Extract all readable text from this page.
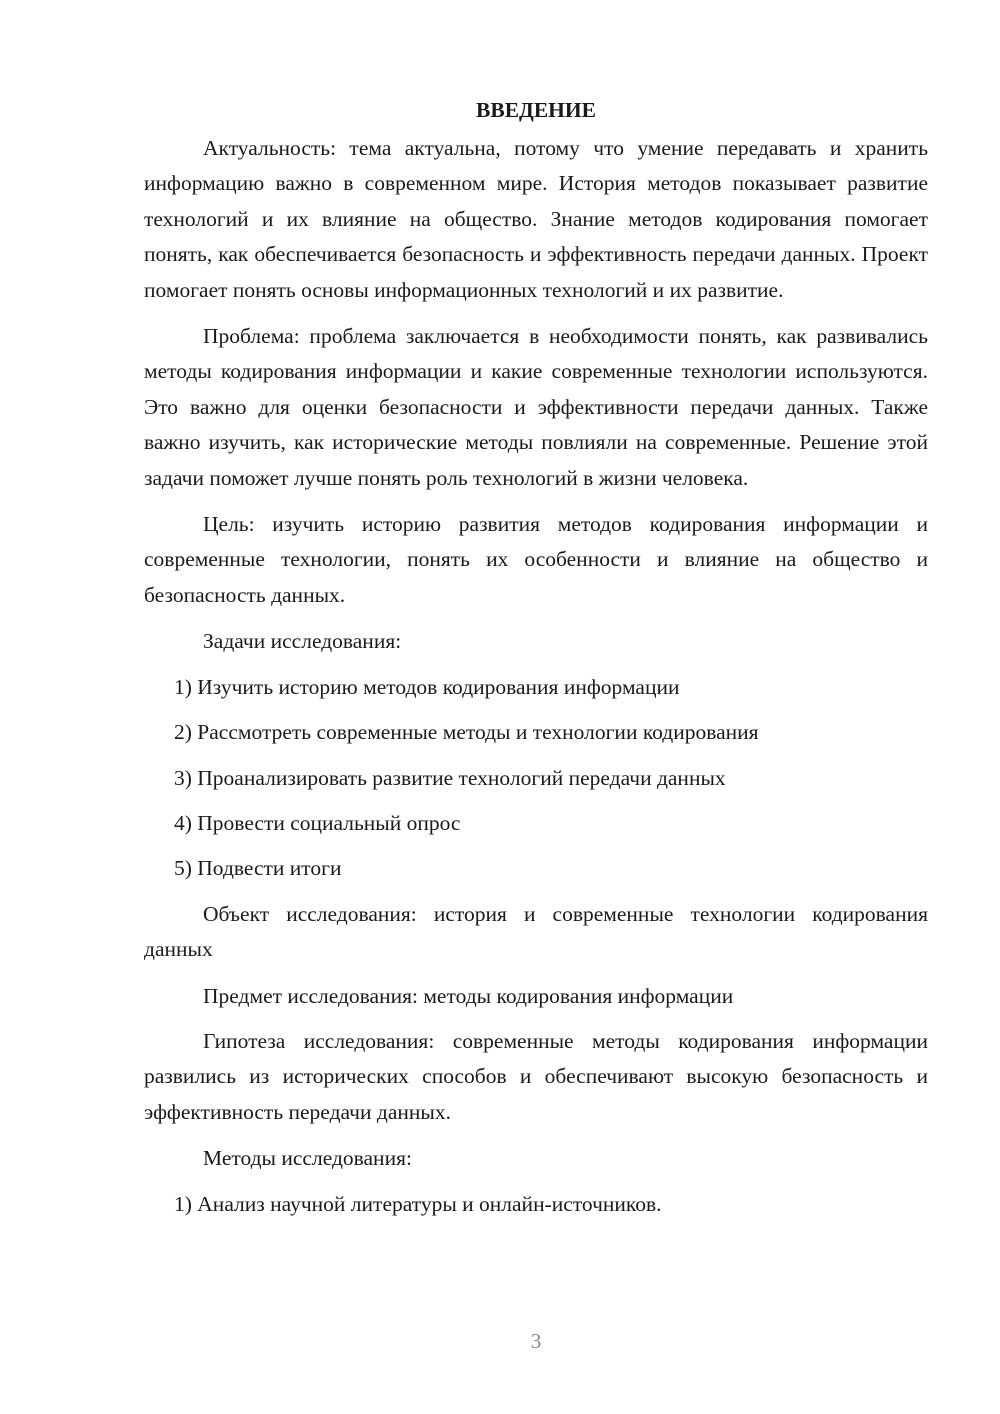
ВВЕДЕНИЕ

Актуальность: тема актуальна, потому что умение передавать и хранить информацию важно в современном мире. История методов показывает развитие технологий и их влияние на общество. Знание методов кодирования помогает понять, как обеспечивается безопасность и эффективность передачи данных. Проект помогает понять основы информационных технологий и их развитие.

Проблема: проблема заключается в необходимости понять, как развивались методы кодирования информации и какие современные технологии используются. Это важно для оценки безопасности и эффективности передачи данных. Также важно изучить, как исторические методы повлияли на современные. Решение этой задачи поможет лучше понять роль технологий в жизни человека.

Цель: изучить историю развития методов кодирования информации и современные технологии, понять их особенности и влияние на общество и безопасность данных.

Задачи исследования:

1) Изучить историю методов кодирования информации

2) Рассмотреть современные методы и технологии кодирования

3) Проанализировать развитие технологий передачи данных

4) Провести социальный опрос

5) Подвести итоги

Объект исследования: история и современные технологии кодирования данных

Предмет исследования: методы кодирования информации

Гипотеза исследования: современные методы кодирования информации развились из исторических способов и обеспечивают высокую безопасность и эффективность передачи данных.

Методы исследования:

1) Анализ научной литературы и онлайн-источников.

3
